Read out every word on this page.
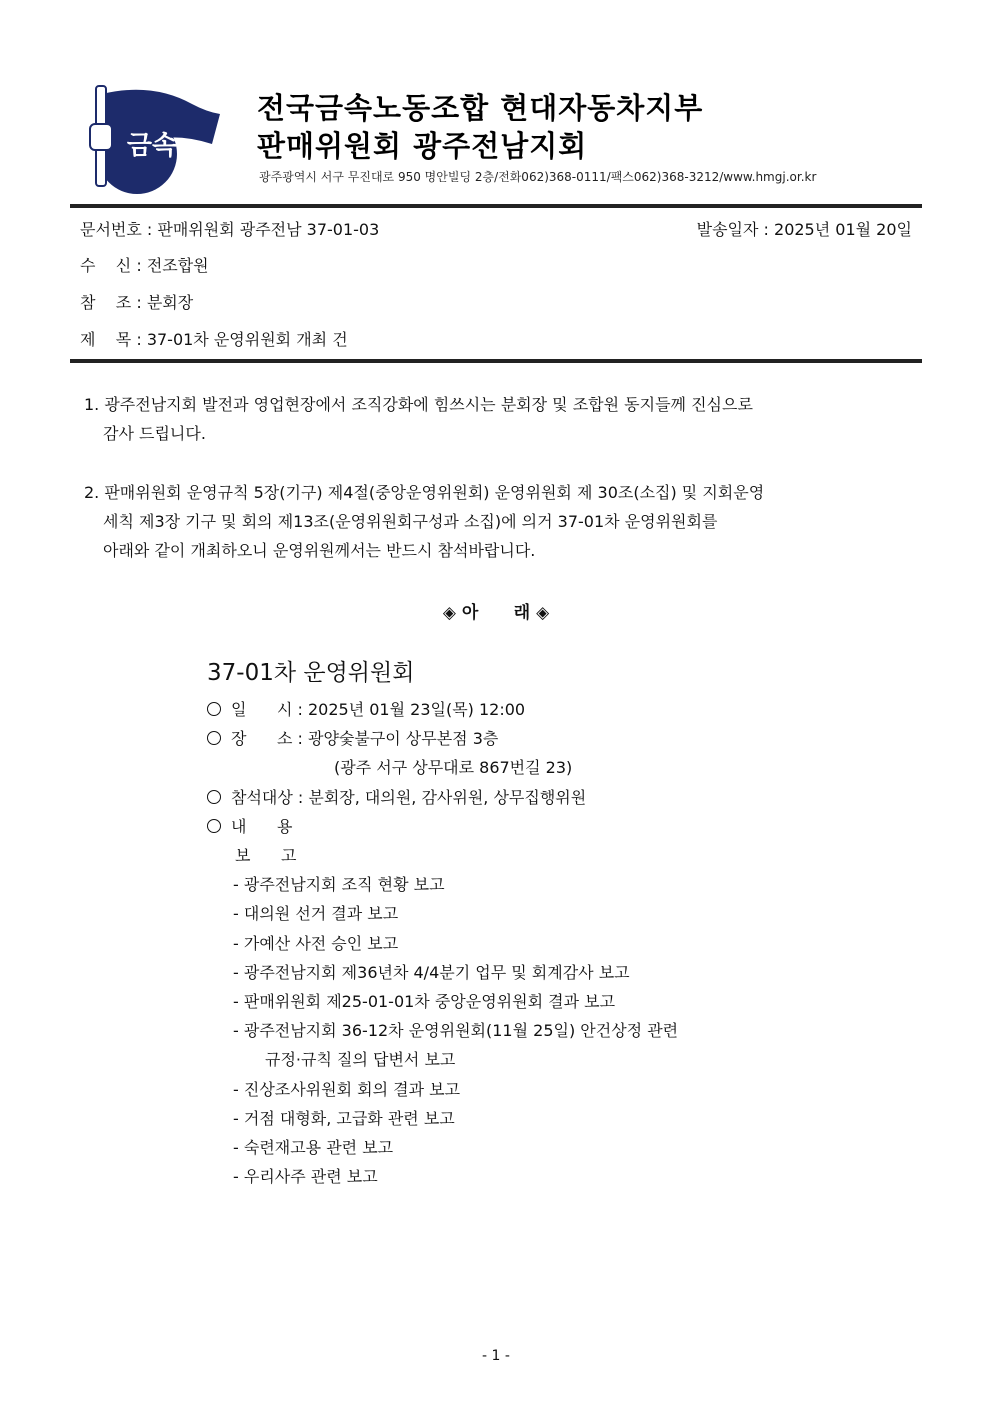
금속
전국금속노동조합 현대자동차지부
판매위원회 광주전남지회
광주광역시 서구 무진대로 950 명안빌딩 2층/전화062)368-0111/팩스062)368-3212/www.hmgj.or.kr
문서번호 : 판매위원회 광주전남 37-01-03	발송일자 : 2025년 01월 20일
수    신 : 전조합원
참    조 : 분회장
제    목 : 37-01차 운영위원회 개최 건
1. 광주전남지회 발전과 영업현장에서 조직강화에 힘쓰시는 분회장 및 조합원 동지들께 진심으로
감사 드립니다.
2. 판매위원회 운영규칙 5장(기구) 제4절(중앙운영위원회) 운영위원회 제 30조(소집) 및 지회운영
세칙 제3장 기구 및 회의 제13조(운영위원회구성과 소집)에 의거 37-01차 운영위원회를
아래와 같이 개최하오니 운영위원께서는 반드시 참석바랍니다.
◈ 아      래 ◈
37-01차 운영위원회
일      시 : 2025년 01월 23일(목) 12:00
장      소 : 광양숯불구이 상무본점 3층
(광주 서구 상무대로 867번길 23)
참석대상 : 분회장, 대의원, 감사위원, 상무집행위원
내      용
보      고
- 광주전남지회 조직 현황 보고
- 대의원 선거 결과 보고
- 가예산 사전 승인 보고
- 광주전남지회 제36년차 4/4분기 업무 및 회계감사 보고
- 판매위원회 제25-01-01차 중앙운영위원회 결과 보고
- 광주전남지회 36-12차 운영위원회(11월 25일) 안건상정 관련
규정·규칙 질의 답변서 보고
- 진상조사위원회 회의 결과 보고
- 거점 대형화, 고급화 관련 보고
- 숙련재고용 관련 보고
- 우리사주 관련 보고
- 1 -
